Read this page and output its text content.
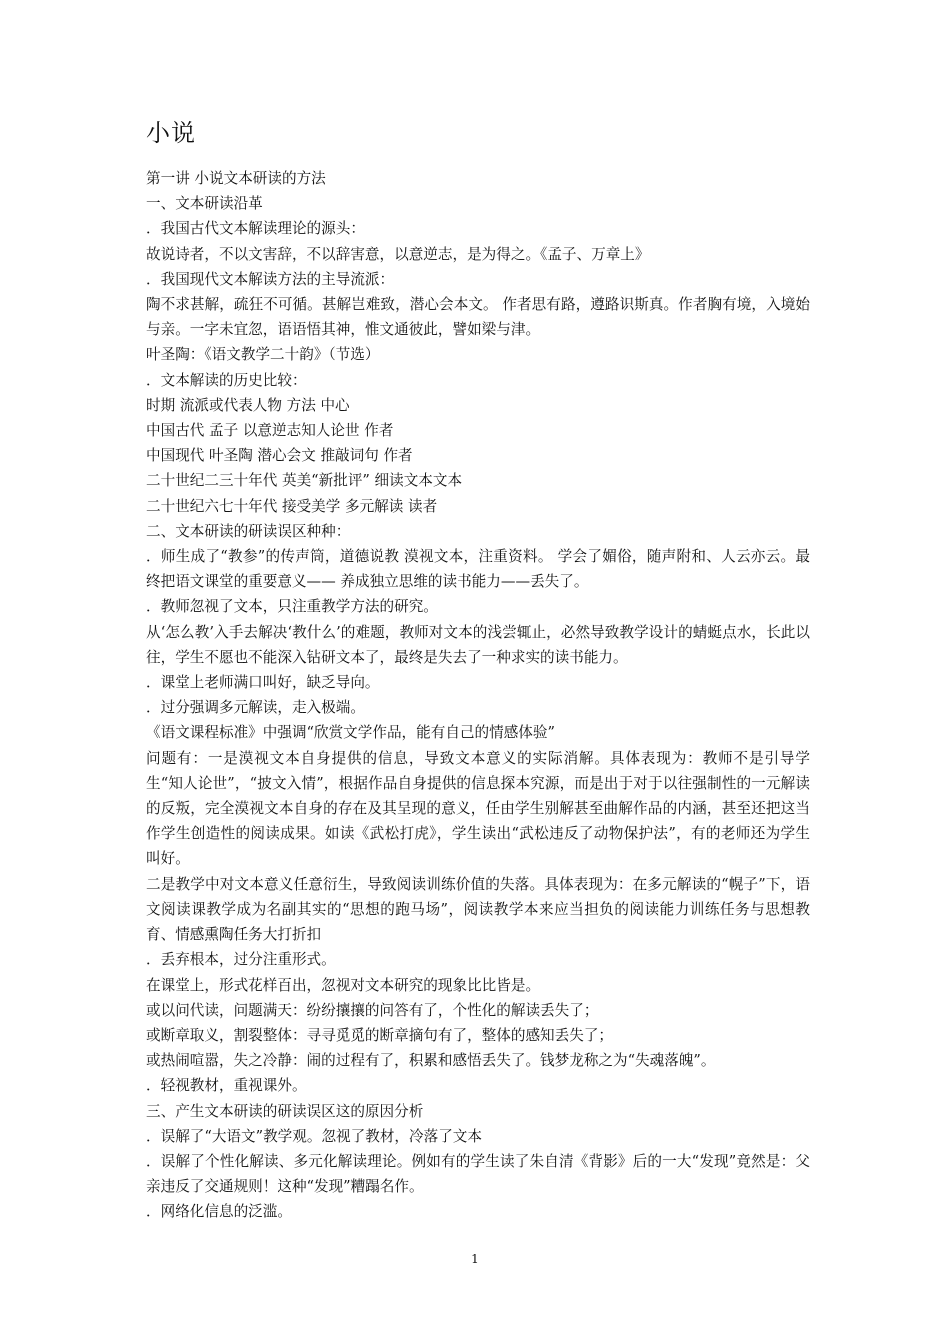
小说

第一讲 小说文本研读的方法

一、文本研读沿革

．我国古代文本解读理论的源头：

故说诗者，不以文害辞，不以辞害意，以意逆志，是为得之。《孟子、万章上》

．我国现代文本解读方法的主导流派：

陶不求甚解，疏狂不可循。甚解岂难致，潜心会本文。 作者思有路，遵路识斯真。作者胸有境，入境始与亲。一字未宜忽，语语悟其神，惟文通彼此，譬如梁与津。

叶圣陶：《语文教学二十韵》（节选）

．文本解读的历史比较：

时期 流派或代表人物 方法 中心

中国古代 孟子 以意逆志知人论世 作者

中国现代 叶圣陶 潜心会文 推敲词句 作者

二十世纪二三十年代 英美“新批评” 细读文本文本

二十世纪六七十年代 接受美学 多元解读 读者

二、文本研读的研读误区种种：

．师生成了“教参”的传声筒，道德说教 漠视文本，注重资料。 学会了媚俗，随声附和、人云亦云。最终把语文课堂的重要意义—— 养成独立思维的读书能力——丢失了。

．教师忽视了文本，只注重教学方法的研究。

从‘怎么教’入手去解决‘教什么’的难题，教师对文本的浅尝辄止，必然导致教学设计的蜻蜓点水，长此以往，学生不愿也不能深入钻研文本了，最终是失去了一种求实的读书能力。

．课堂上老师满口叫好，缺乏导向。

．过分强调多元解读，走入极端。

《语文课程标准》中强调“欣赏文学作品，能有自己的情感体验”

问题有：一是漠视文本自身提供的信息，导致文本意义的实际消解。具体表现为：教师不是引导学生“知人论世”，“披文入情”，根据作品自身提供的信息探本究源，而是出于对于以往强制性的一元解读的反叛，完全漠视文本自身的存在及其呈现的意义，任由学生别解甚至曲解作品的内涵，甚至还把这当作学生创造性的阅读成果。如读《武松打虎》，学生读出“武松违反了动物保护法”，有的老师还为学生叫好。

二是教学中对文本意义任意衍生，导致阅读训练价值的失落。具体表现为：在多元解读的“幌子”下，语文阅读课教学成为名副其实的“思想的跑马场”，阅读教学本来应当担负的阅读能力训练任务与思想教育、情感熏陶任务大打折扣

．丢弃根本，过分注重形式。

在课堂上，形式花样百出，忽视对文本研究的现象比比皆是。

或以问代读，问题满天：纷纷攘攘的问答有了，个性化的解读丢失了；

或断章取义，割裂整体：寻寻觅觅的断章摘句有了，整体的感知丢失了；

或热闹喧嚣，失之冷静：闹的过程有了，积累和感悟丢失了。钱梦龙称之为“失魂落魄”。

．轻视教材，重视课外。

三、产生文本研读的研读误区这的原因分析

．误解了“大语文”教学观。忽视了教材，冷落了文本

．误解了个性化解读、多元化解读理论。例如有的学生读了朱自清《背影》后的一大“发现”竟然是：父亲违反了交通规则！这种“发现”糟蹋名作。

．网络化信息的泛滥。

1
